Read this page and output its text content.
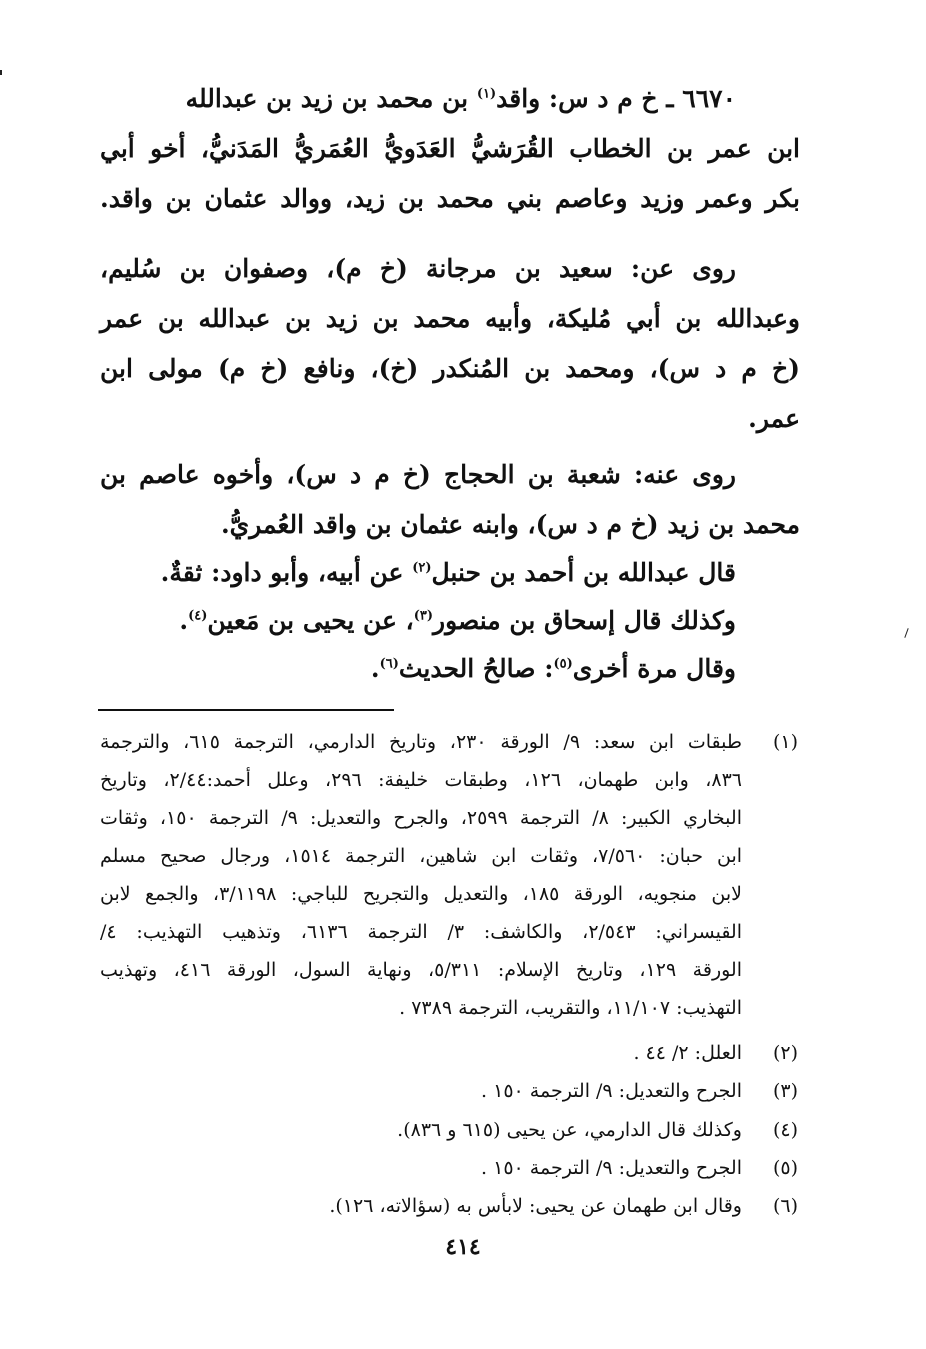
٦٦٧٠ ـ خ م د س: واقد$^{(١)}$ بن محمد بن زيد بن عبدالله
ابن عمر بن الخطاب القُرَشيُّ العَدَويُّ العُمَريُّ المَدَنيُّ، أخو أبي
بكر وعمر وزيد وعاصم بني محمد بن زيد، ووالد عثمان بن واقد.
روى عن: سعيد بن مرجانة (خ م)، وصفوان بن سُليم،
وعبدالله بن أبي مُليكة، وأبيه محمد بن زيد بن عبدالله بن عمر
(خ م د س)، ومحمد بن المُنكدر (خ)، ونافع (خ م) مولى ابن
عمر.
روى عنه: شعبة بن الحجاج (خ م د س)، وأخوه عاصم بن
محمد بن زيد (خ م د س)، وابنه عثمان بن واقد العُمريُّ.
قال عبدالله بن أحمد بن حنبل$^{(٢)}$ عن أبيه، وأبو داود: ثقةٌ.
وكذلك قال إسحاق بن منصور$^{(٣)}$، عن يحيى بن مَعين$^{(٤)}$.
وقال مرة أخرى$^{(٥)}$: صالحُ الحديث$^{(٦)}$.
(١)
طبقات ابن سعد: ٩/ الورقة ٢٣٠، وتاريخ الدارمي، الترجمة ٦١٥، والترجمة
٨٣٦، وابن طهمان، ١٢٦، وطبقات خليفة: ٢٩٦، وعلل أحمد:٢/٤٤، وتاريخ
البخاري الكبير: ٨/ الترجمة ٢٥٩٩، والجرح والتعديل: ٩/ الترجمة ١٥٠، وثقات
ابن حبان: ٧/٥٦٠، وثقات ابن شاهين، الترجمة ١٥١٤، ورجال صحيح مسلم
لابن منجويه، الورقة ١٨٥، والتعديل والتجريح للباجي: ٣/١١٩٨، والجمع لابن
القيسراني: ٢/٥٤٣، والكاشف: ٣/ الترجمة ٦١٣٦، وتذهيب التهذيب: ٤/
الورقة ١٢٩، وتاريخ الإسلام: ٥/٣١١، ونهاية السول، الورقة ٤١٦، وتهذيب
التهذيب: ١١/١٠٧، والتقريب، الترجمة ٧٣٨٩ .
(٢)
العلل: ٢/ ٤٤ .
(٣)
الجرح والتعديل: ٩/ الترجمة ١٥٠ .
(٤)
وكذلك قال الدارمي، عن يحيى (٦١٥ و ٨٣٦).
(٥)
الجرح والتعديل: ٩/ الترجمة ١٥٠ .
(٦)
وقال ابن طهمان عن يحيى: لابأس به (سؤالاته، ١٢٦).
٤١٤
